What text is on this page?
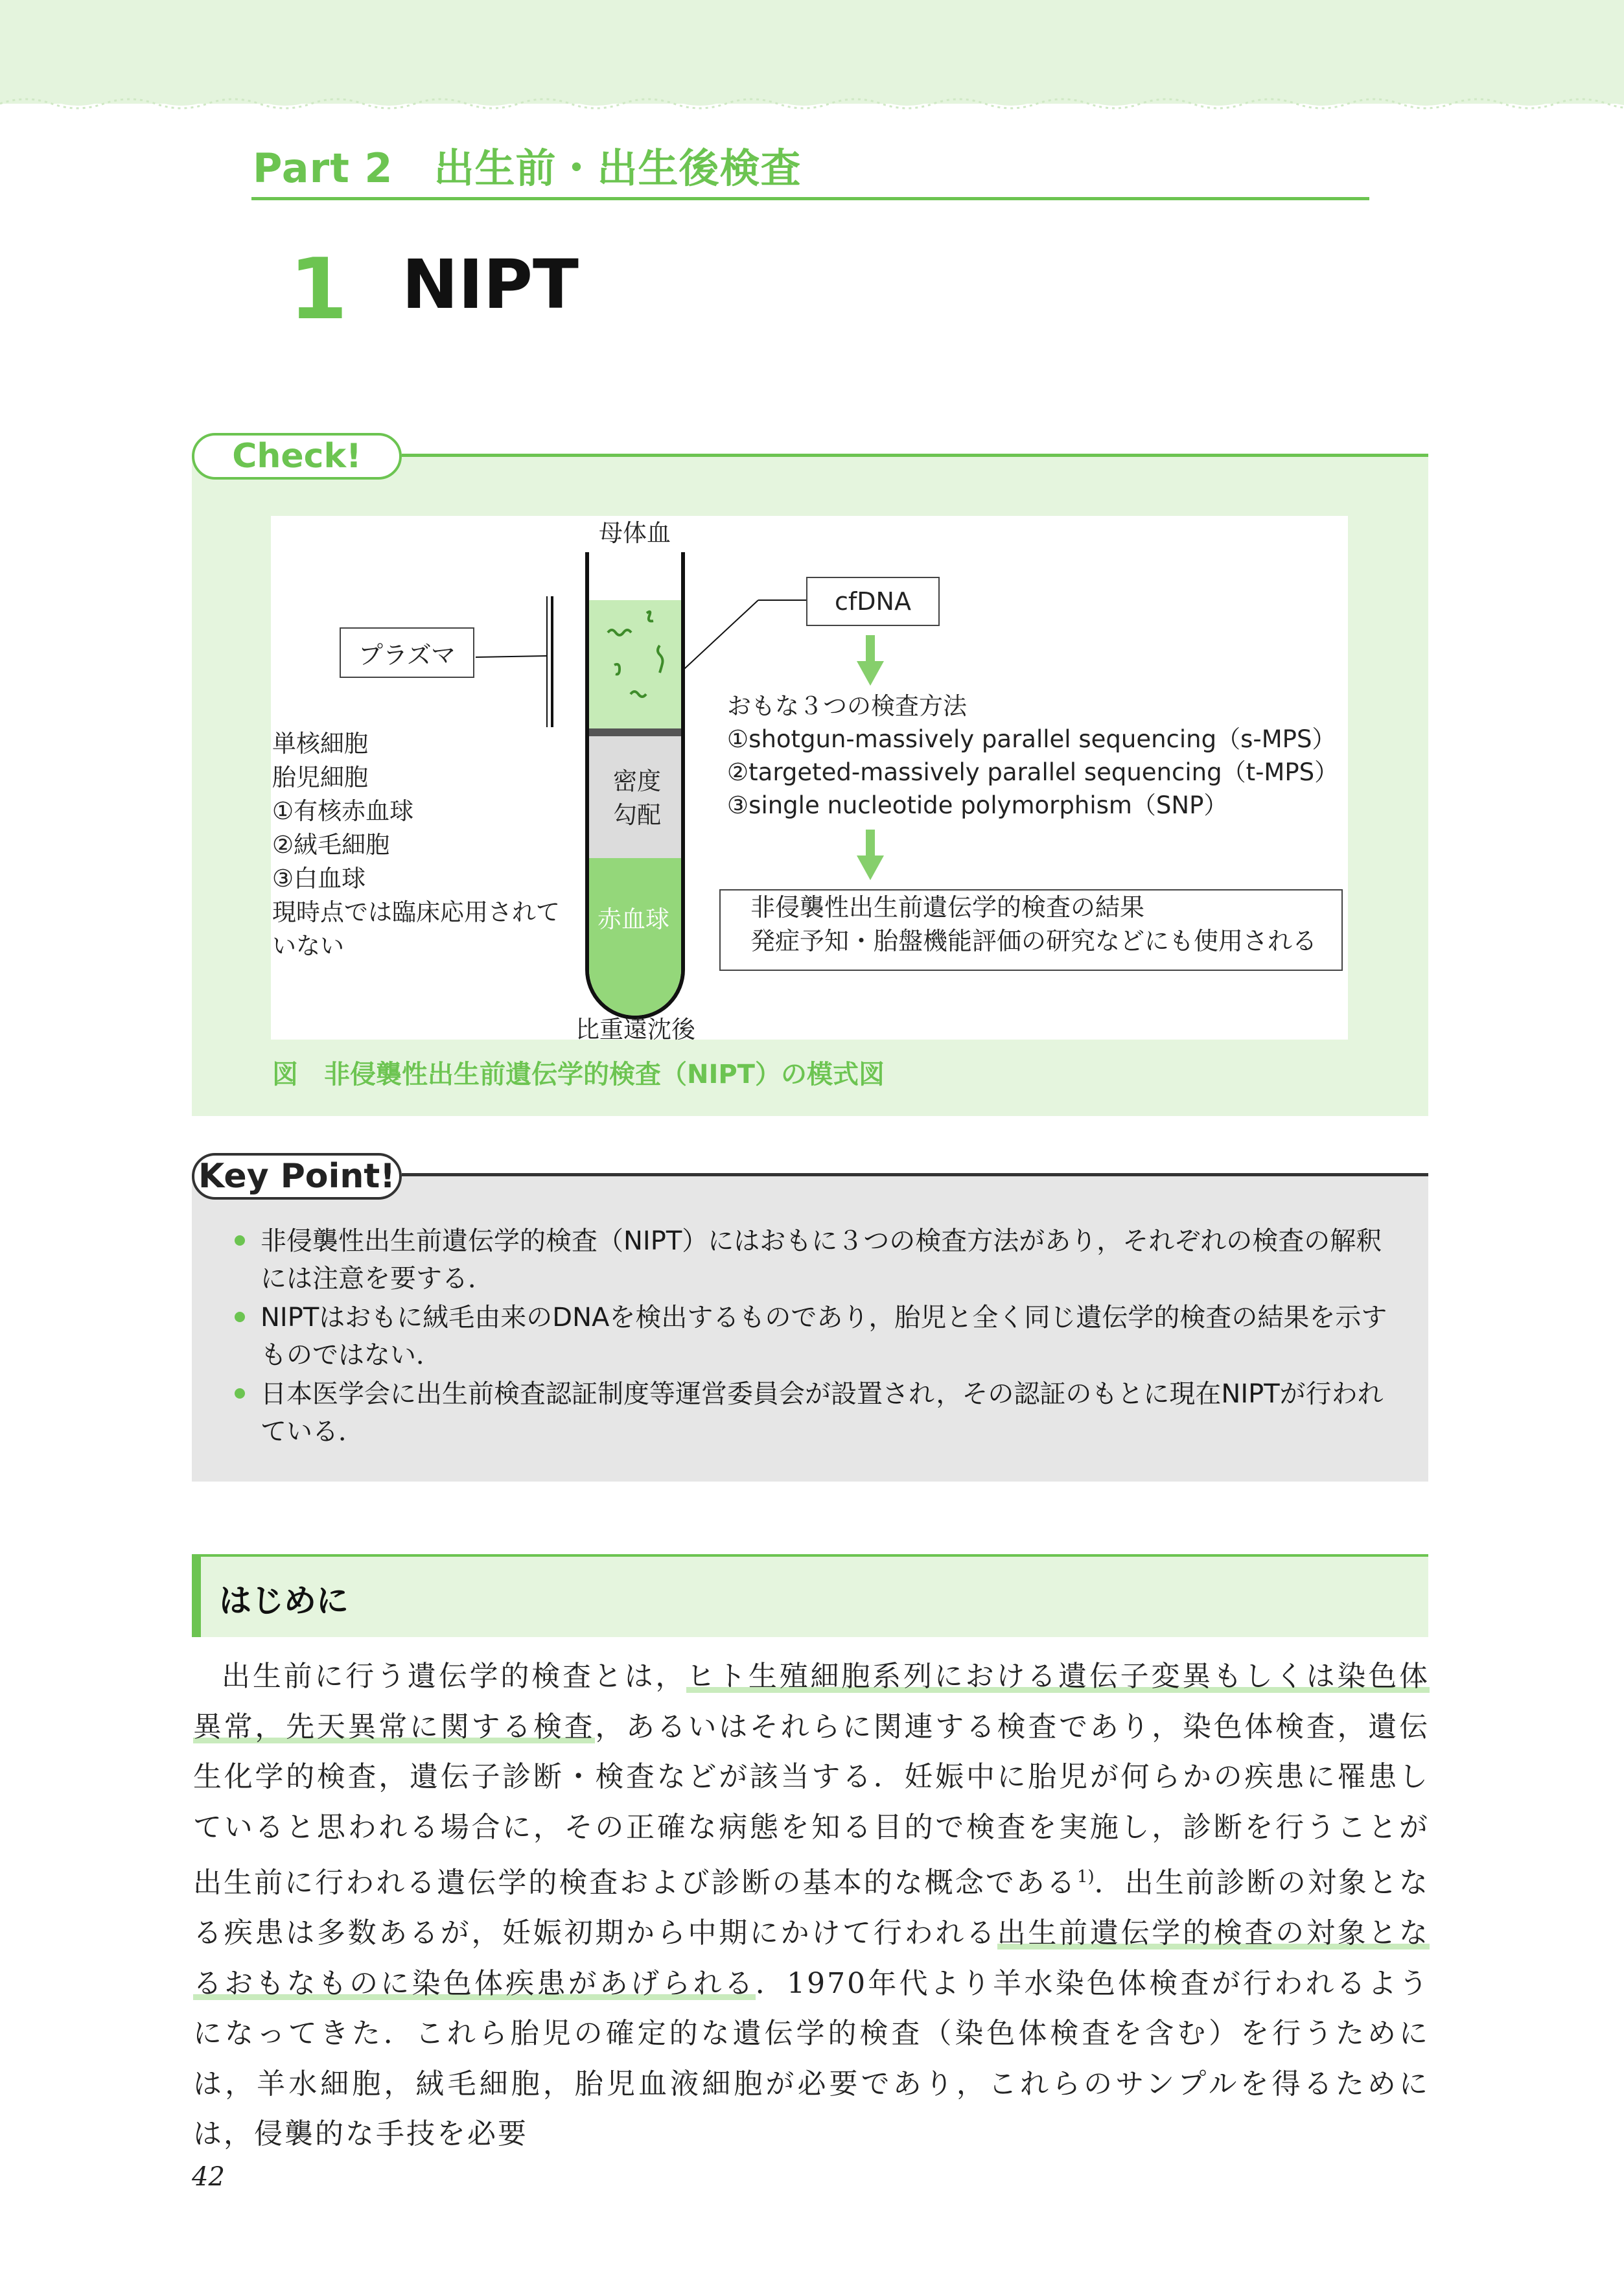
Part 2　出生前・出生後検査
1 NIPT
Check!
母体血
プラズマ
cfDNA
密度
勾配
赤血球
比重遠沈後
単核細胞
胎児細胞
①有核赤血球
②絨毛細胞
③白血球
現時点では臨床応用されて
いない
おもな３つの検査方法
①shotgun-massively parallel sequencing（s-MPS）
②targeted-massively parallel sequencing（t-MPS）
③single nucleotide polymorphism（SNP）
非侵襲性出生前遺伝学的検査の結果
発症予知・胎盤機能評価の研究などにも使用される
図　非侵襲性出生前遺伝学的検査（NIPT）の模式図
Key Point!
非侵襲性出生前遺伝学的検査（NIPT）にはおもに３つの検査方法があり，それぞれの検査の解釈には注意を要する．
NIPTはおもに絨毛由来のDNAを検出するものであり，胎児と全く同じ遺伝学的検査の結果を示すものではない．
日本医学会に出生前検査認証制度等運営委員会が設置され，その認証のもとに現在NIPTが行われている．
はじめに

出生前に行う遺伝学的検査とは，ヒト生殖細胞系列における遺伝子変異もしくは染色体異常，先天異常に関する検査，あるいはそれらに関連する検査であり，染色体検査，遺伝生化学的検査，遺伝子診断・検査などが該当する．妊娠中に胎児が何らかの疾患に罹患していると思われる場合に，その正確な病態を知る目的で検査を実施し，診断を行うことが出生前に行われる遺伝学的検査および診断の基本的な概念である$^{1)}$．出生前診断の対象となる疾患は多数あるが，妊娠初期から中期にかけて行われる出生前遺伝学的検査の対象となるおもなものに染色体疾患があげられる．1970年代より羊水染色体検査が行われるようになってきた．これら胎児の確定的な遺伝学的検査（染色体検査を含む）を行うためには，羊水細胞，絨毛細胞，胎児血液細胞が必要であり，これらのサンプルを得るためには，侵襲的な手技を必要

42
